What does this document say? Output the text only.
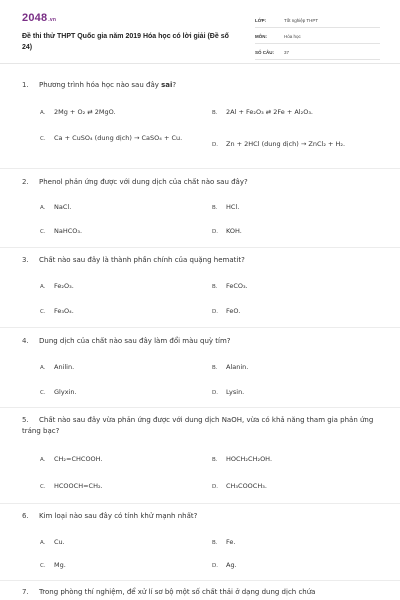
2048.vn
Đề thi thử THPT Quốc gia năm 2019 Hóa học có lời giải (Đề số 24)
LỚP:	Tốt nghiệp THPT
MÔN:	Hóa học
SỐ CÂU:	37
1. Phương trình hóa học nào sau đây sai?
A. 2Mg + O₂ ⇄ 2MgO.	B. 2Al + Fe₂O₃ ⇄ 2Fe + Al₂O₃.
C. Ca + CuSO₄ (dung dịch) → CaSO₄ + Cu.
D. Zn + 2HCl (dung dịch) → ZnCl₂ + H₂.
2. Phenol phản ứng được với dung dịch của chất nào sau đây?
A. NaCl.	B. HCl.
C. NaHCO₃.	D. KOH.
3. Chất nào sau đây là thành phần chính của quặng hematit?
A. Fe₂O₃.	B. FeCO₃.
C. Fe₃O₄.	D. FeO.
4. Dung dịch của chất nào sau đây làm đổi màu quỳ tím?
A. Anilin.	B. Alanin.
C. Glyxin.	D. Lysin.
5. Chất nào sau đây vừa phản ứng được với dung dịch NaOH, vừa có khả năng tham gia phản ứng tráng bạc?
A. CH₂=CHCOOH.	B. HOCH₂CH₂OH.
C. HCOOCH=CH₂.	D. CH₃COOCH₃.
6. Kim loại nào sau đây có tính khử mạnh nhất?
A. Cu.	B. Fe.
C. Mg.	D. Ag.
7. Trong phòng thí nghiệm, để xử lí sơ bộ một số chất thải ở dạng dung dịch chứa
